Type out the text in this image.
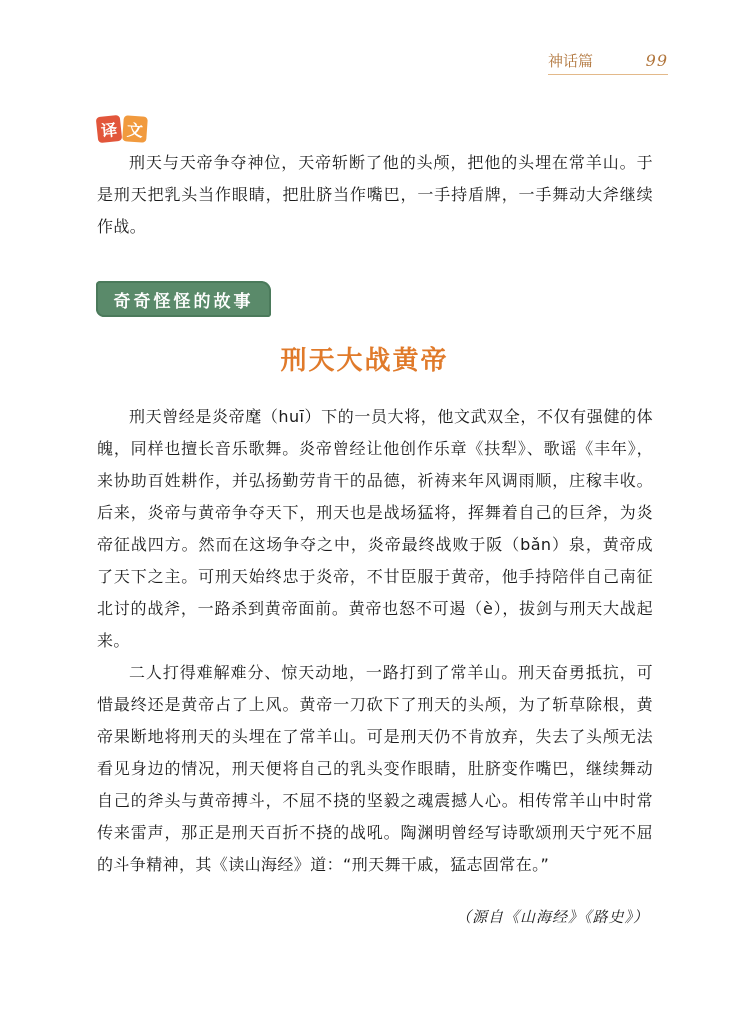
神话篇	99
译 文

刑天与天帝争夺神位，天帝斩断了他的头颅，把他的头埋在常羊山。于是刑天把乳头当作眼睛，把肚脐当作嘴巴，一手持盾牌，一手舞动大斧继续作战。

奇奇怪怪的故事
刑天大战黄帝

刑天曾经是炎帝麾（huī）下的一员大将，他文武双全，不仅有强健的体魄，同样也擅长音乐歌舞。炎帝曾经让他创作乐章《扶犁》、歌谣《丰年》，来协助百姓耕作，并弘扬勤劳肯干的品德，祈祷来年风调雨顺，庄稼丰收。后来，炎帝与黄帝争夺天下，刑天也是战场猛将，挥舞着自己的巨斧，为炎帝征战四方。然而在这场争夺之中，炎帝最终战败于阪（bǎn）泉，黄帝成了天下之主。可刑天始终忠于炎帝，不甘臣服于黄帝，他手持陪伴自己南征北讨的战斧，一路杀到黄帝面前。黄帝也怒不可遏（è），拔剑与刑天大战起来。

二人打得难解难分、惊天动地，一路打到了常羊山。刑天奋勇抵抗，可惜最终还是黄帝占了上风。黄帝一刀砍下了刑天的头颅，为了斩草除根，黄帝果断地将刑天的头埋在了常羊山。可是刑天仍不肯放弃，失去了头颅无法看见身边的情况，刑天便将自己的乳头变作眼睛，肚脐变作嘴巴，继续舞动自己的斧头与黄帝搏斗，不屈不挠的坚毅之魂震撼人心。相传常羊山中时常传来雷声，那正是刑天百折不挠的战吼。陶渊明曾经写诗歌颂刑天宁死不屈的斗争精神，其《读山海经》道：“刑天舞干戚，猛志固常在。”

（源自《山海经》《路史》）
